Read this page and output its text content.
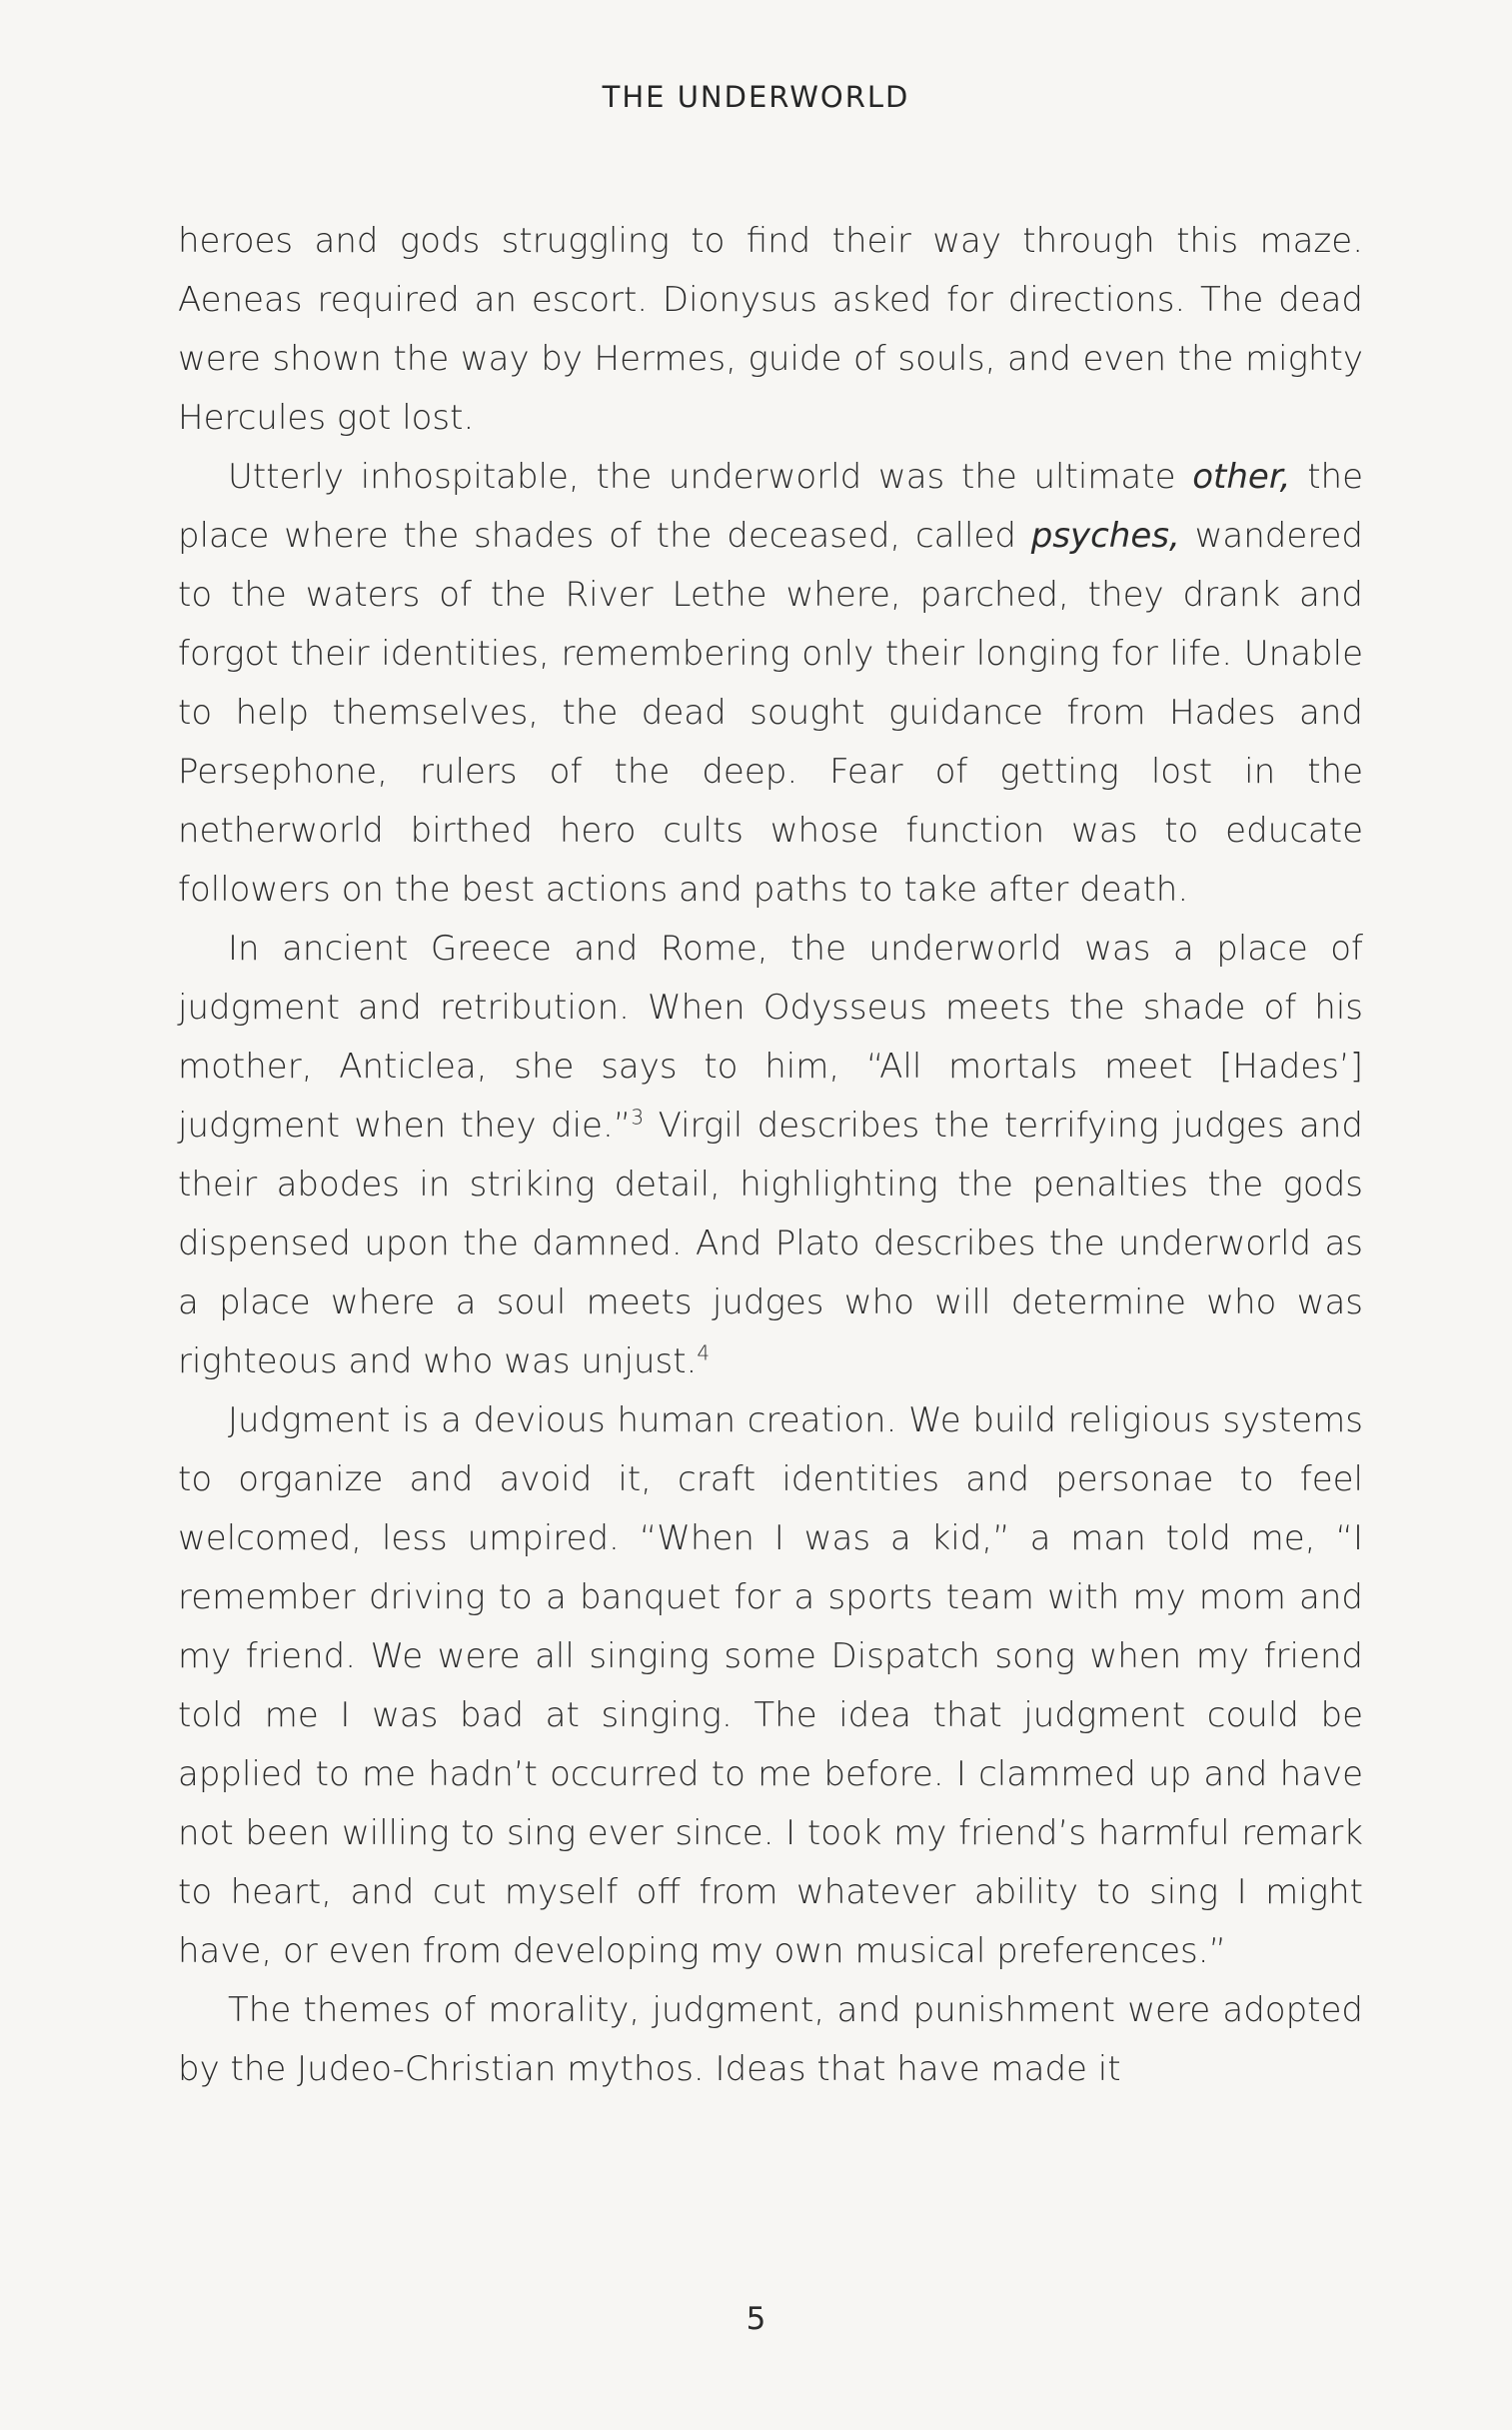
THE UNDERWORLD

heroes and gods struggling to find their way through this maze. Aeneas required an escort. Dionysus asked for directions. The dead were shown the way by Hermes, guide of souls, and even the mighty Hercules got lost.

Utterly inhospitable, the underworld was the ultimate other, the place where the shades of the deceased, called psyches, wandered to the waters of the River Lethe where, parched, they drank and forgot their identities, remembering only their longing for life. Unable to help themselves, the dead sought guidance from Hades and Persephone, rulers of the deep. Fear of getting lost in the netherworld birthed hero cults whose function was to educate followers on the best actions and paths to take after death.

In ancient Greece and Rome, the underworld was a place of judgment and retribution. When Odysseus meets the shade of his mother, Anticlea, she says to him, “All mortals meet [Hades’] judgment when they die.”$^3$ Virgil describes the terrifying judges and their abodes in striking detail, highlighting the penalties the gods dispensed upon the damned. And Plato describes the underworld as a place where a soul meets judges who will determine who was righteous and who was unjust.$^4$

Judgment is a devious human creation. We build religious systems to organize and avoid it, craft identities and personae to feel welcomed, less umpired. “When I was a kid,” a man told me, “I remember driving to a banquet for a sports team with my mom and my friend. We were all singing some Dispatch song when my friend told me I was bad at singing. The idea that judgment could be applied to me hadn’t occurred to me before. I clammed up and have not been willing to sing ever since. I took my friend’s harmful remark to heart, and cut myself off from whatever ability to sing I might have, or even from developing my own musical preferences.”

The themes of morality, judgment, and punishment were adopted by the Judeo-Christian mythos. Ideas that have made it

5
